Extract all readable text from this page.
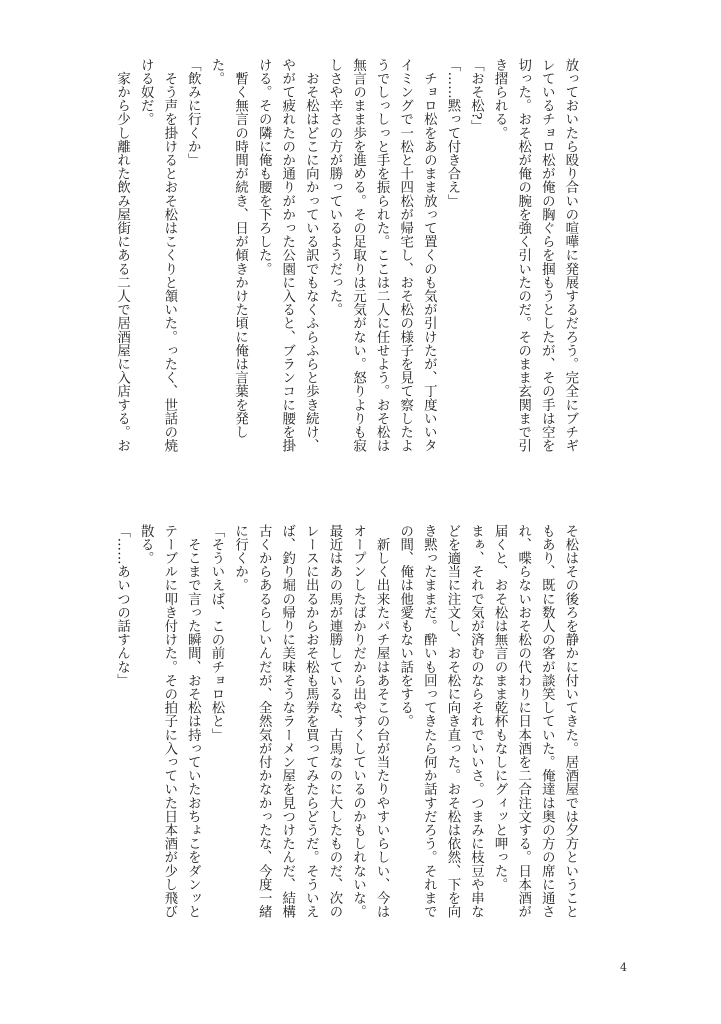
放っておいたら殴り合いの喧嘩に発展するだろう。完全にブチギ
レているチョロ松が俺の胸ぐらを掴もうとしたが、その手は空を
切った。おそ松が俺の腕を強く引いたのだ。そのまま玄関まで引
き摺られる。
「おそ松?」
「……黙って付き合え」
　チョロ松をあのまま放って置くのも気が引けたが、丁度いいタ
イミングで一松と十四松が帰宅し、おそ松の様子を見て察したよ
うでしっしっと手を振られた。ここは二人に任せよう。おそ松は
無言のまま歩を進める。その足取りは元気がない。怒りよりも寂
しさや辛さの方が勝っているようだった。
　おそ松はどこに向かっている訳でもなくふらふらと歩き続け、
やがて疲れたのか通りがかった公園に入ると、ブランコに腰を掛
ける。その隣に俺も腰を下ろした。
　暫く無言の時間が続き、日が傾きかけた頃に俺は言葉を発し
た。
「飲みに行くか」
　そう声を掛けるとおそ松はこくりと頷いた。ったく、世話の焼
ける奴だ。
　家から少し離れた飲み屋街にある二人で居酒屋に入店する。お
そ松はその後ろを静かに付いてきた。居酒屋では夕方ということ
もあり、既に数人の客が談笑していた。俺達は奥の方の席に通さ
れ、喋らないおそ松の代わりに日本酒を二合注文する。日本酒が
届くと、おそ松は無言のまま乾杯もなしにグィッと呷った。
まぁ、それで気が済むのならそれでいいさ。つまみに枝豆や串な
どを適当に注文し、おそ松に向き直った。おそ松は依然、下を向
き黙ったままだ。酔いも回ってきたら何か話すだろう。それまで
の間、俺は他愛もない話をする。
　新しく出来たパチ屋はあそこの台が当たりやすいらしい、今は
オープンしたばかりだから出やすくしているのかもしれないな。
最近はあの馬が連勝しているな、古馬なのに大したものだ、次の
レースに出るからおそ松も馬券を買ってみたらどうだ。そういえ
ば、釣り堀の帰りに美味そうなラーメン屋を見つけたんだ、結構
古くからあるらしいんだが、全然気が付かなかったな、今度一緒
に行くか。
「そういえば、この前チョロ松と」
　そこまで言った瞬間、おそ松は持っていたおちょこをダンッと
テーブルに叩き付けた。その拍子に入っていた日本酒が少し飛び
散る。
「……あいつの話すんな」
4
